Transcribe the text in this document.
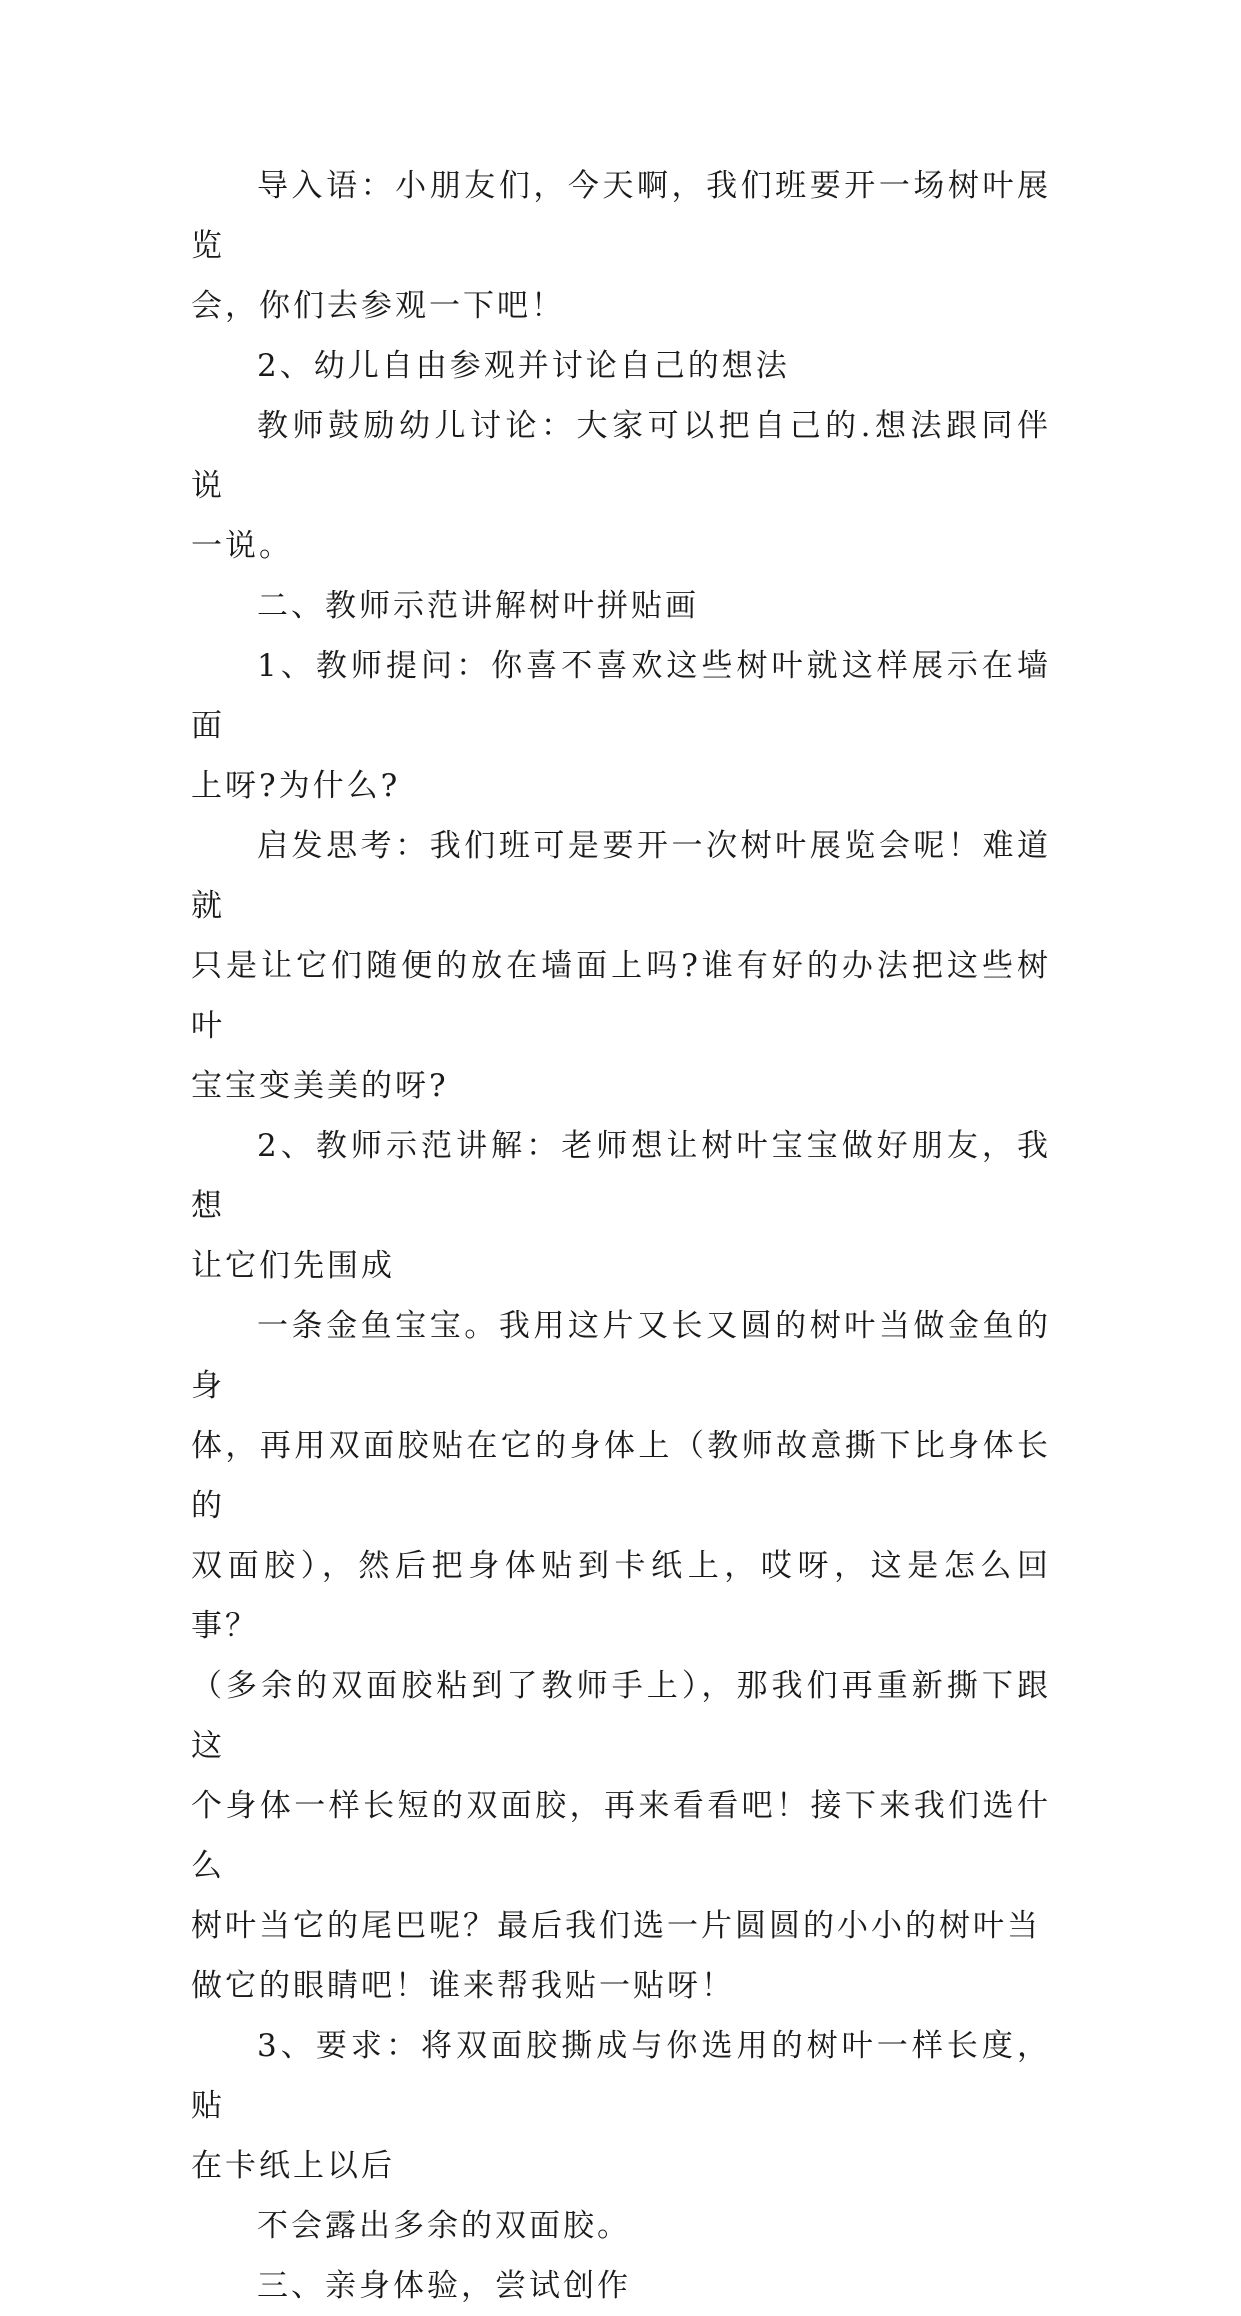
导入语：小朋友们，今天啊，我们班要开一场树叶展览
会，你们去参观一下吧！

2、幼儿自由参观并讨论自己的想法

教师鼓励幼儿讨论：大家可以把自己的.想法跟同伴说
一说。

二、教师示范讲解树叶拼贴画

1、教师提问：你喜不喜欢这些树叶就这样展示在墙面
上呀?为什么?

启发思考：我们班可是要开一次树叶展览会呢！难道就
只是让它们随便的放在墙面上吗?谁有好的办法把这些树叶
宝宝变美美的呀?

2、教师示范讲解：老师想让树叶宝宝做好朋友，我想
让它们先围成

一条金鱼宝宝。我用这片又长又圆的树叶当做金鱼的身
体，再用双面胶贴在它的身体上（教师故意撕下比身体长的
双面胶），然后把身体贴到卡纸上，哎呀，这是怎么回事？
（多余的双面胶粘到了教师手上），那我们再重新撕下跟这
个身体一样长短的双面胶，再来看看吧！接下来我们选什么
树叶当它的尾巴呢？最后我们选一片圆圆的小小的树叶当
做它的眼睛吧！谁来帮我贴一贴呀！

3、要求：将双面胶撕成与你选用的树叶一样长度，贴
在卡纸上以后

不会露出多余的双面胶。

三、亲身体验，尝试创作
